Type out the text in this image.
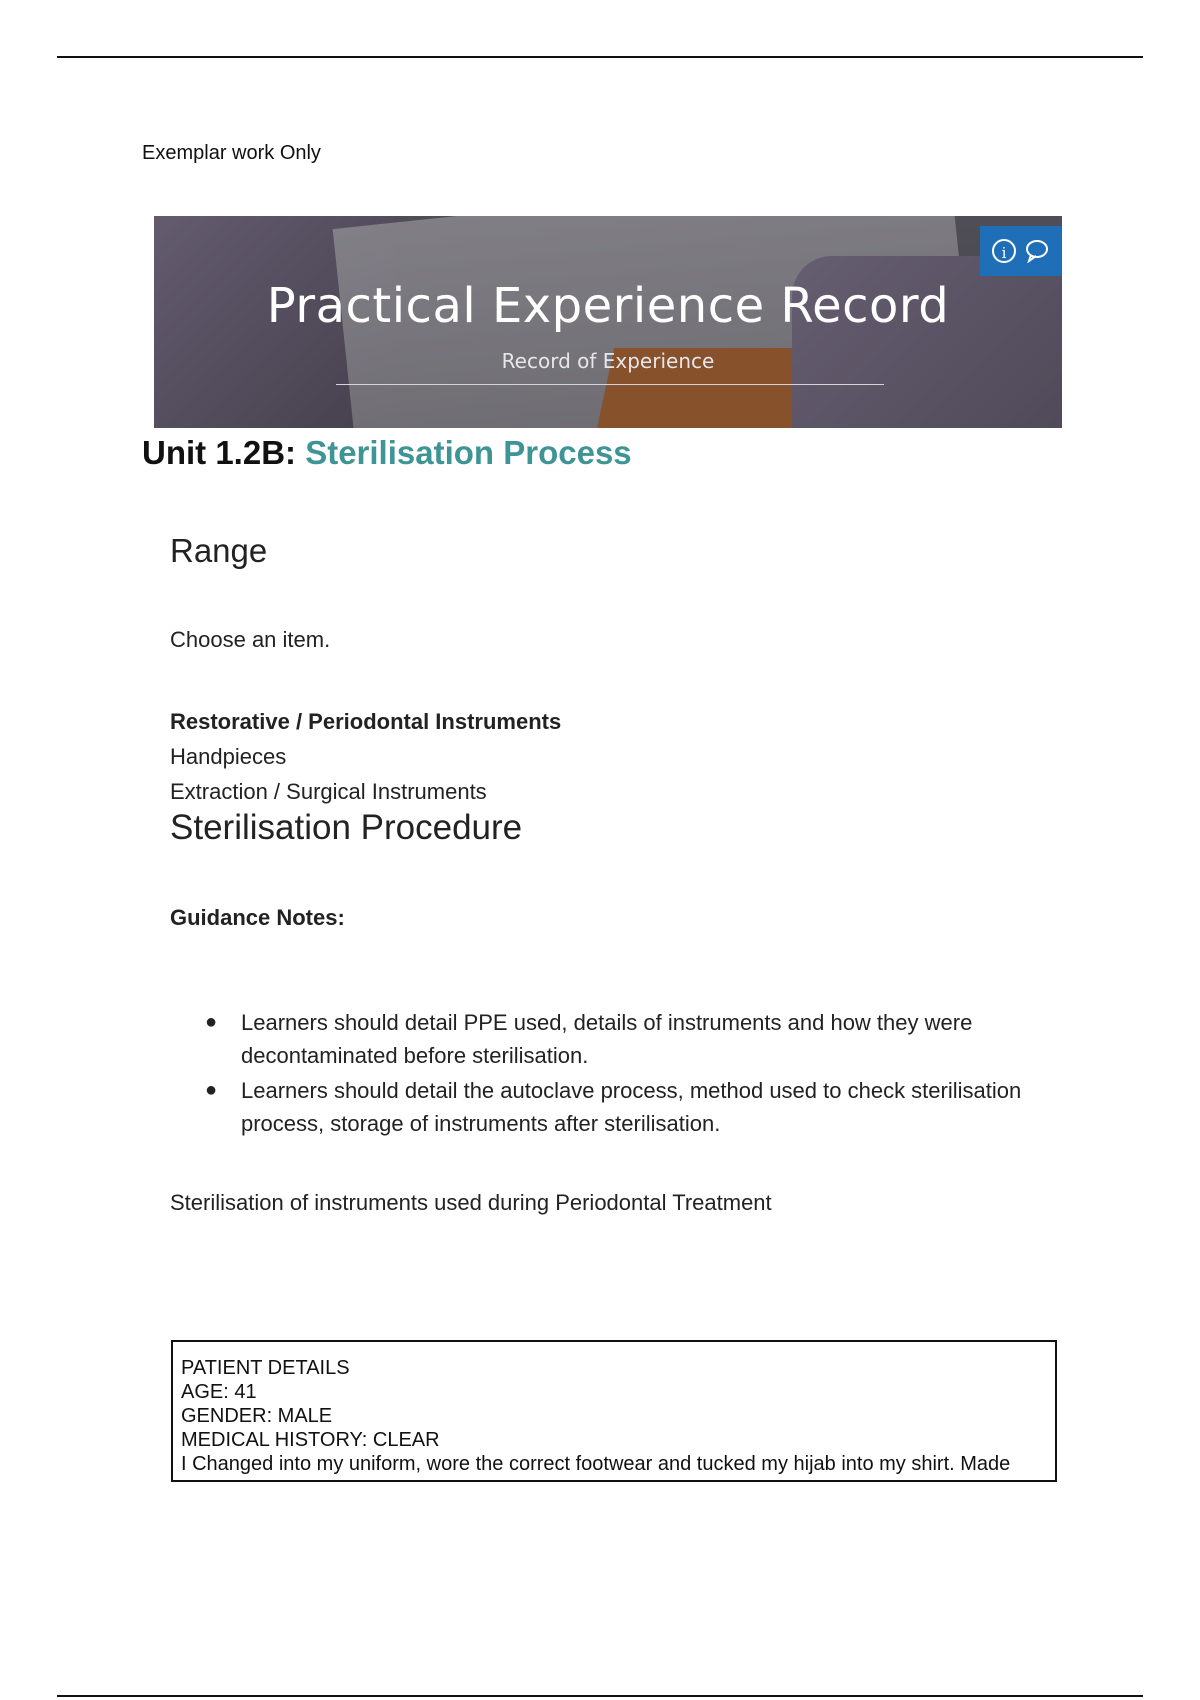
Exemplar work Only
Practical Experience Record
Record of Experience
i
Unit 1.2B: Sterilisation Process
Range
Choose an item.
Restorative / Periodontal Instruments
Handpieces
Extraction / Surgical Instruments
Sterilisation Procedure
Guidance Notes:
●	Learners should detail PPE used, details of instruments and how they were decontaminated before sterilisation.
●	Learners should detail the autoclave process, method used to check sterilisation process, storage of instruments after sterilisation.
Sterilisation of instruments used during Periodontal Treatment
PATIENT DETAILS
AGE: 41
GENDER: MALE
MEDICAL HISTORY: CLEAR
I Changed into my uniform, wore the correct footwear and tucked my hijab into my shirt. Made
